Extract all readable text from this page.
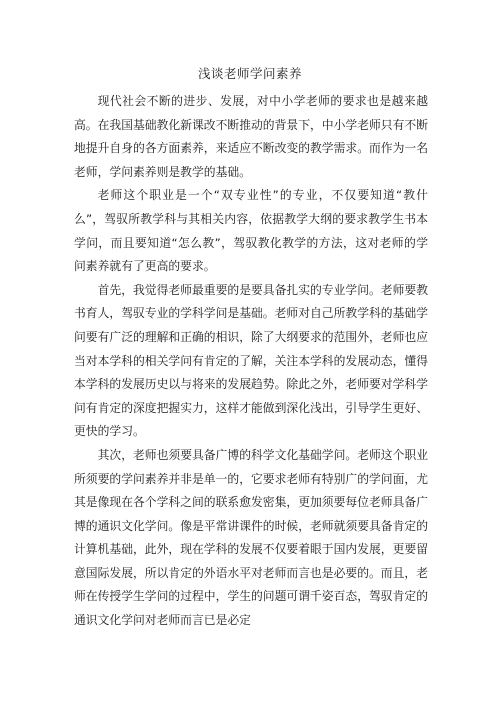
浅谈老师学问素养

现代社会不断的进步、发展，对中小学老师的要求也是越来越高。在我国基础教化新课改不断推动的背景下，中小学老师只有不断地提升自身的各方面素养，来适应不断改变的教学需求。而作为一名老师，学问素养则是教学的基础。

老师这个职业是一个“双专业性”的专业，不仅要知道“教什么”，驾驭所教学科与其相关内容，依据教学大纲的要求教学生书本学问，而且要知道“怎么教”，驾驭教化教学的方法，这对老师的学问素养就有了更高的要求。

首先，我觉得老师最重要的是要具备扎实的专业学问。老师要教书育人，驾驭专业的学科学问是基础。老师对自己所教学科的基础学问要有广泛的理解和正确的相识，除了大纲要求的范围外，老师也应当对本学科的相关学问有肯定的了解，关注本学科的发展动态，懂得本学科的发展历史以与将来的发展趋势。除此之外，老师要对学科学问有肯定的深度把握实力，这样才能做到深化浅出，引导学生更好、更快的学习。

其次，老师也须要具备广博的科学文化基础学问。老师这个职业所须要的学问素养并非是单一的，它要求老师有特别广的学问面，尤其是像现在各个学科之间的联系愈发密集，更加须要每位老师具备广博的通识文化学问。像是平常讲课件的时候，老师就须要具备肯定的计算机基础，此外，现在学科的发展不仅要着眼于国内发展，更要留意国际发展，所以肯定的外语水平对老师而言也是必要的。而且，老师在传授学生学问的过程中，学生的问题可谓千姿百态，驾驭肯定的通识文化学问对老师而言已是必定
